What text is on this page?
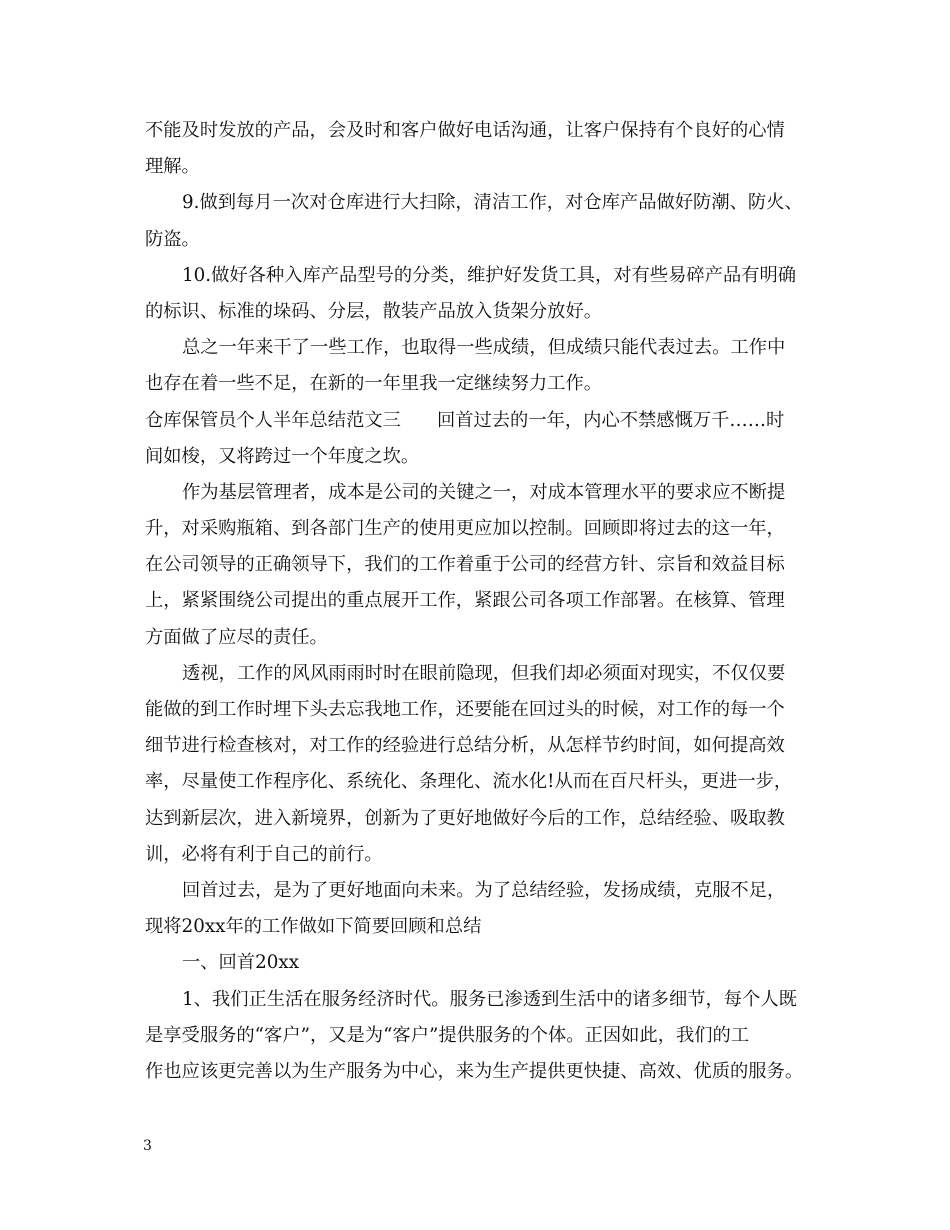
不能及时发放的产品，会及时和客户做好电话沟通，让客户保持有个良好的心情
理解。
9.做到每月一次对仓库进行大扫除，清洁工作，对仓库产品做好防潮、防火、
防盗。
10.做好各种入库产品型号的分类，维护好发货工具，对有些易碎产品有明确
的标识、标准的垛码、分层，散装产品放入货架分放好。
总之一年来干了一些工作，也取得一些成绩，但成绩只能代表过去。工作中
也存在着一些不足，在新的一年里我一定继续努力工作。
仓库保管员个人半年总结范文三 回首过去的一年，内心不禁感慨万千……时
间如梭，又将跨过一个年度之坎。
作为基层管理者，成本是公司的关键之一，对成本管理水平的要求应不断提
升，对采购瓶箱、到各部门生产的使用更应加以控制。回顾即将过去的这一年，
在公司领导的正确领导下，我们的工作着重于公司的经营方针、宗旨和效益目标
上，紧紧围绕公司提出的重点展开工作，紧跟公司各项工作部署。在核算、管理
方面做了应尽的责任。
透视，工作的风风雨雨时时在眼前隐现，但我们却必须面对现实，不仅仅要
能做的到工作时埋下头去忘我地工作，还要能在回过头的时候，对工作的每一个
细节进行检查核对，对工作的经验进行总结分析，从怎样节约时间，如何提高效
率，尽量使工作程序化、系统化、条理化、流水化!从而在百尺杆头，更进一步，
达到新层次，进入新境界，创新为了更好地做好今后的工作，总结经验、吸取教
训，必将有利于自己的前行。
回首过去，是为了更好地面向未来。为了总结经验，发扬成绩，克服不足，
现将20xx年的工作做如下简要回顾和总结
一、回首20xx
1、我们正生活在服务经济时代。服务已渗透到生活中的诸多细节，每个人既
是享受服务的“客户”，又是为“客户”提供服务的个体。正因如此，我们的工
作也应该更完善以为生产服务为中心，来为生产提供更快捷、高效、优质的服务。
3
